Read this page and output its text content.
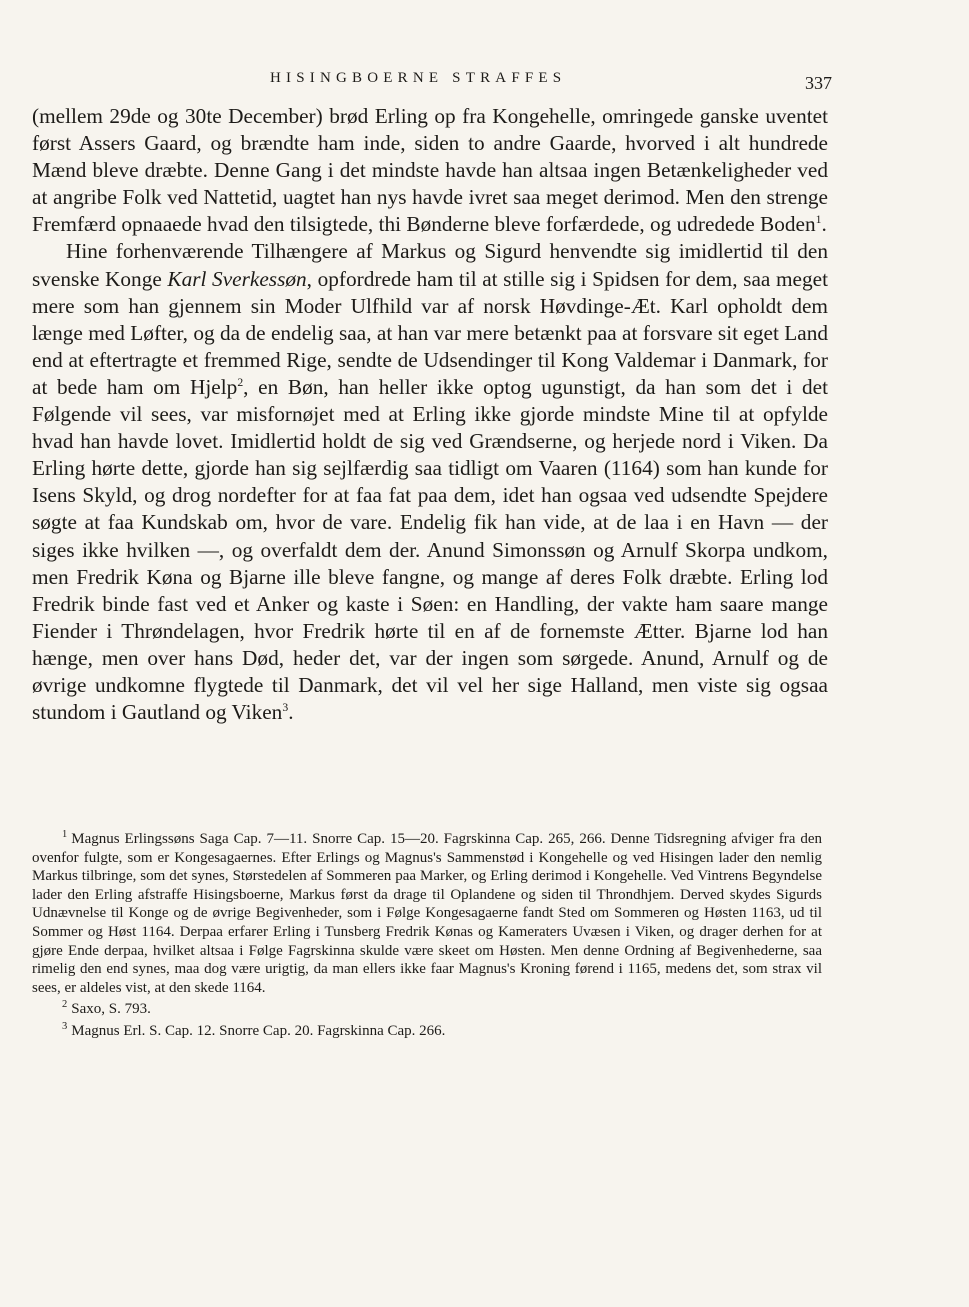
HISINGBOERNE STRAFFES	337

(mellem 29de og 30te December) brød Erling op fra Kongehelle, omringede ganske uventet først Assers Gaard, og brændte ham inde, siden to andre Gaarde, hvorved i alt hundrede Mænd bleve dræbte. Denne Gang i det mindste havde han altsaa ingen Betænkeligheder ved at angribe Folk ved Nattetid, uagtet han nys havde ivret saa meget derimod. Men den strenge Fremfærd opnaaede hvad den tilsigtede, thi Bønderne bleve forfærdede, og udredede Boden$^1$.

Hine forhenværende Tilhængere af Markus og Sigurd henvendte sig imidlertid til den svenske Konge Karl Sverkessøn, opfordrede ham til at stille sig i Spidsen for dem, saa meget mere som han gjennem sin Moder Ulfhild var af norsk Høvdinge-Æt. Karl opholdt dem længe med Løfter, og da de endelig saa, at han var mere betænkt paa at forsvare sit eget Land end at eftertragte et fremmed Rige, sendte de Udsendinger til Kong Valdemar i Danmark, for at bede ham om Hjelp$^2$, en Bøn, han heller ikke optog ugunstigt, da han som det i det Følgende vil sees, var misfornøjet med at Erling ikke gjorde mindste Mine til at opfylde hvad han havde lovet. Imidlertid holdt de sig ved Grændserne, og herjede nord i Viken. Da Erling hørte dette, gjorde han sig sejlfærdig saa tidligt om Vaaren (1164) som han kunde for Isens Skyld, og drog nordefter for at faa fat paa dem, idet han ogsaa ved udsendte Spejdere søgte at faa Kundskab om, hvor de vare. Endelig fik han vide, at de laa i en Havn — der siges ikke hvilken —, og overfaldt dem der. Anund Simonssøn og Arnulf Skorpa undkom, men Fredrik Køna og Bjarne ille bleve fangne, og mange af deres Folk dræbte. Erling lod Fredrik binde fast ved et Anker og kaste i Søen: en Handling, der vakte ham saare mange Fiender i Thrøndelagen, hvor Fredrik hørte til en af de fornemste Ætter. Bjarne lod han hænge, men over hans Død, heder det, var der ingen som sørgede. Anund, Arnulf og de øvrige undkomne flygtede til Danmark, det vil vel her sige Halland, men viste sig ogsaa stundom i Gautland og Viken$^3$.

$^1$ Magnus Erlingssøns Saga Cap. 7—11. Snorre Cap. 15—20. Fagrskinna Cap. 265, 266. Denne Tidsregning afviger fra den ovenfor fulgte, som er Kongesagaernes. Efter Erlings og Magnus's Sammenstød i Kongehelle og ved Hisingen lader den nemlig Markus tilbringe, som det synes, Størstedelen af Sommeren paa Marker, og Erling derimod i Kongehelle. Ved Vintrens Begyndelse lader den Erling afstraffe Hisingsboerne, Markus først da drage til Oplandene og siden til Throndhjem. Derved skydes Sigurds Udnævnelse til Konge og de øvrige Begivenheder, som i Følge Kongesagaerne fandt Sted om Sommeren og Høsten 1163, ud til Sommer og Høst 1164. Derpaa erfarer Erling i Tunsberg Fredrik Kønas og Kameraters Uvæsen i Viken, og drager derhen for at gjøre Ende derpaa, hvilket altsaa i Følge Fagrskinna skulde være skeet om Høsten. Men denne Ordning af Begivenhederne, saa rimelig den end synes, maa dog være urigtig, da man ellers ikke faar Magnus's Kroning førend i 1165, medens det, som strax vil sees, er aldeles vist, at den skede 1164.

$^2$ Saxo, S. 793.

$^3$ Magnus Erl. S. Cap. 12. Snorre Cap. 20. Fagrskinna Cap. 266.
